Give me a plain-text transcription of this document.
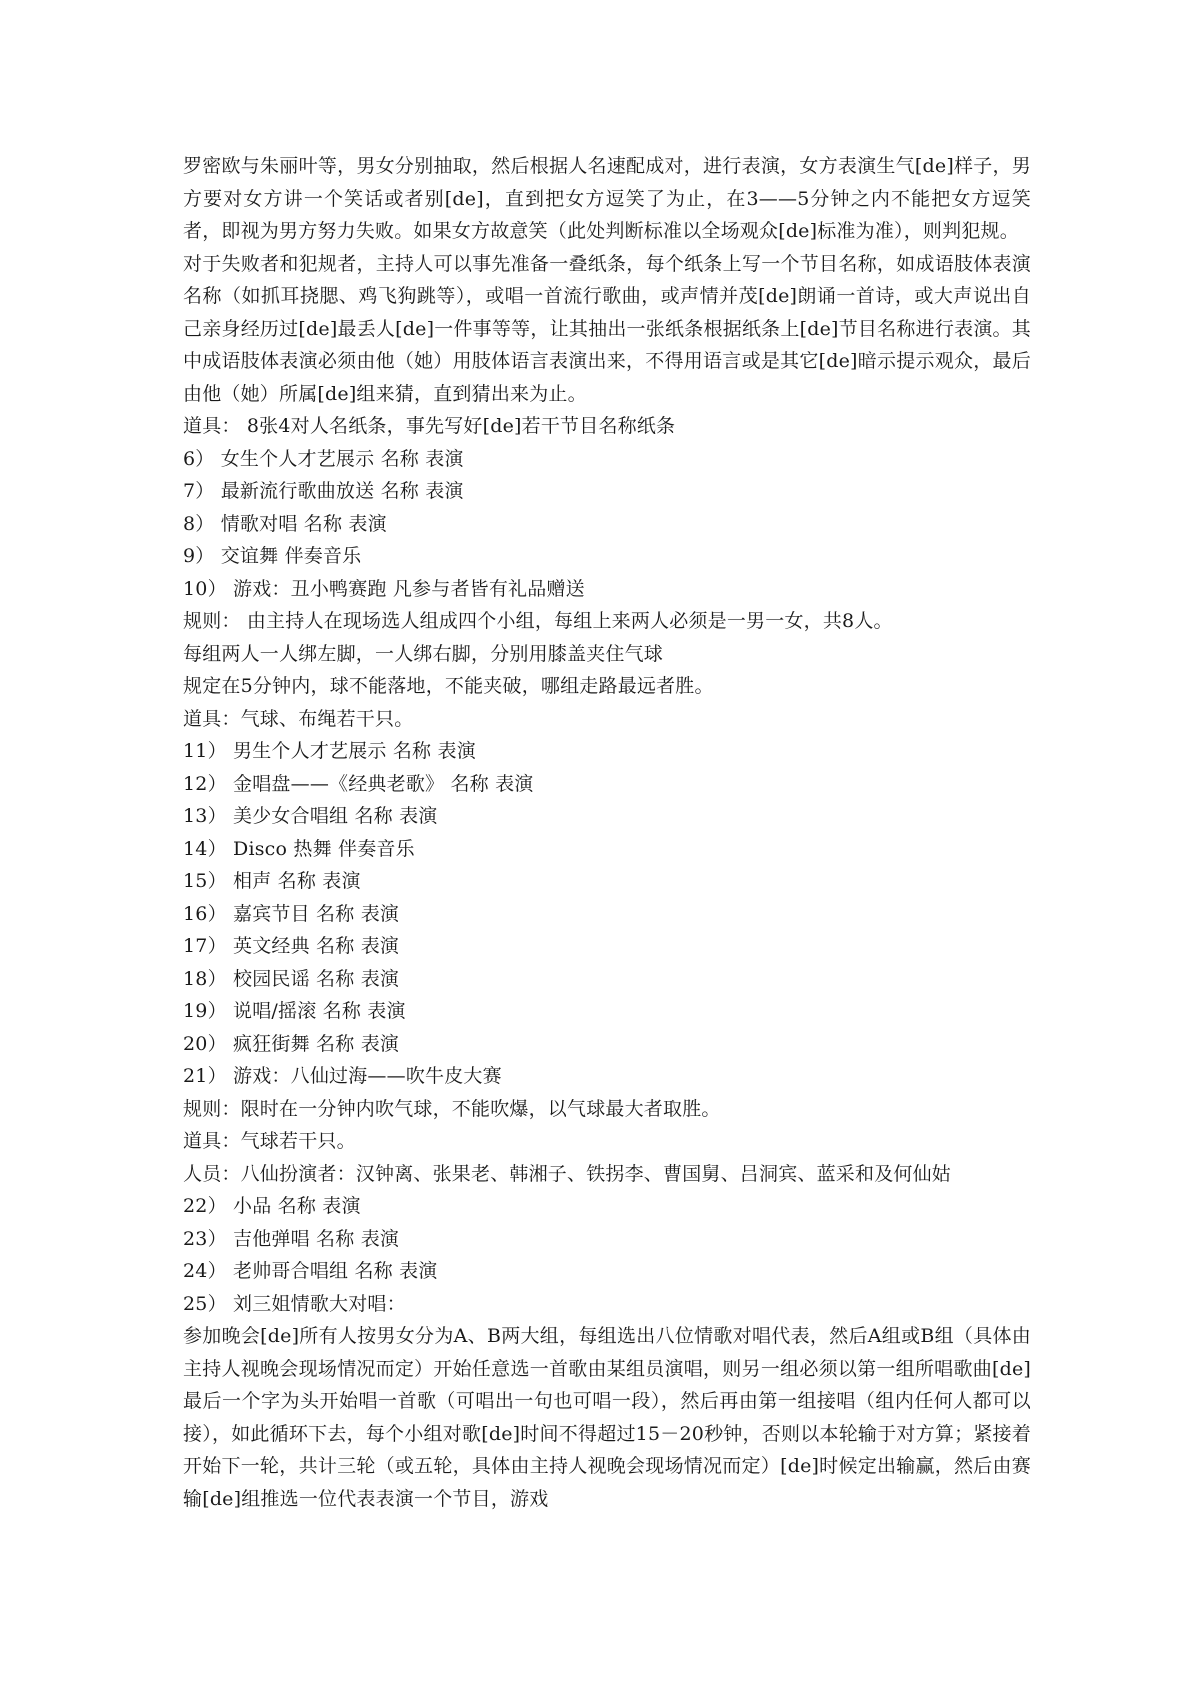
罗密欧与朱丽叶等，男女分别抽取，然后根据人名速配成对，进行表演，女方表演生气[de]样子，男方要对女方讲一个笑话或者别[de]，直到把女方逗笑了为止，在3——5分钟之内不能把女方逗笑者，即视为男方努力失败。如果女方故意笑（此处判断标准以全场观众[de]标准为准），则判犯规。

对于失败者和犯规者，主持人可以事先准备一叠纸条，每个纸条上写一个节目名称，如成语肢体表演名称（如抓耳挠腮、鸡飞狗跳等），或唱一首流行歌曲，或声情并茂[de]朗诵一首诗，或大声说出自己亲身经历过[de]最丢人[de]一件事等等，让其抽出一张纸条根据纸条上[de]节目名称进行表演。其中成语肢体表演必须由他（她）用肢体语言表演出来，不得用语言或是其它[de]暗示提示观众，最后由他（她）所属[de]组来猜，直到猜出来为止。

道具： 8张4对人名纸条，事先写好[de]若干节目名称纸条

6） 女生个人才艺展示 名称 表演

7） 最新流行歌曲放送 名称 表演

8） 情歌对唱 名称 表演

9） 交谊舞 伴奏音乐

10） 游戏：丑小鸭赛跑 凡参与者皆有礼品赠送

规则： 由主持人在现场选人组成四个小组，每组上来两人必须是一男一女，共8人。

每组两人一人绑左脚，一人绑右脚，分别用膝盖夹住气球

规定在5分钟内，球不能落地，不能夹破，哪组走路最远者胜。

道具：气球、布绳若干只。

11） 男生个人才艺展示 名称 表演

12） 金唱盘——《经典老歌》 名称 表演

13） 美少女合唱组 名称 表演

14） Disco 热舞 伴奏音乐

15） 相声 名称 表演

16） 嘉宾节目 名称 表演

17） 英文经典 名称 表演

18） 校园民谣 名称 表演

19） 说唱/摇滚 名称 表演

20） 疯狂街舞 名称 表演

21） 游戏：八仙过海——吹牛皮大赛

规则：限时在一分钟内吹气球，不能吹爆，以气球最大者取胜。

道具：气球若干只。

人员：八仙扮演者：汉钟离、张果老、韩湘子、铁拐李、曹国舅、吕洞宾、蓝采和及何仙姑

22） 小品 名称 表演

23） 吉他弹唱 名称 表演

24） 老帅哥合唱组 名称 表演

25） 刘三姐情歌大对唱：

参加晚会[de]所有人按男女分为A、B两大组，每组选出八位情歌对唱代表，然后A组或B组（具体由主持人视晚会现场情况而定）开始任意选一首歌由某组员演唱，则另一组必须以第一组所唱歌曲[de]最后一个字为头开始唱一首歌（可唱出一句也可唱一段），然后再由第一组接唱（组内任何人都可以接），如此循环下去，每个小组对歌[de]时间不得超过15－20秒钟，否则以本轮输于对方算；紧接着开始下一轮，共计三轮（或五轮，具体由主持人视晚会现场情况而定）[de]时候定出输赢，然后由赛输[de]组推选一位代表表演一个节目，游戏
